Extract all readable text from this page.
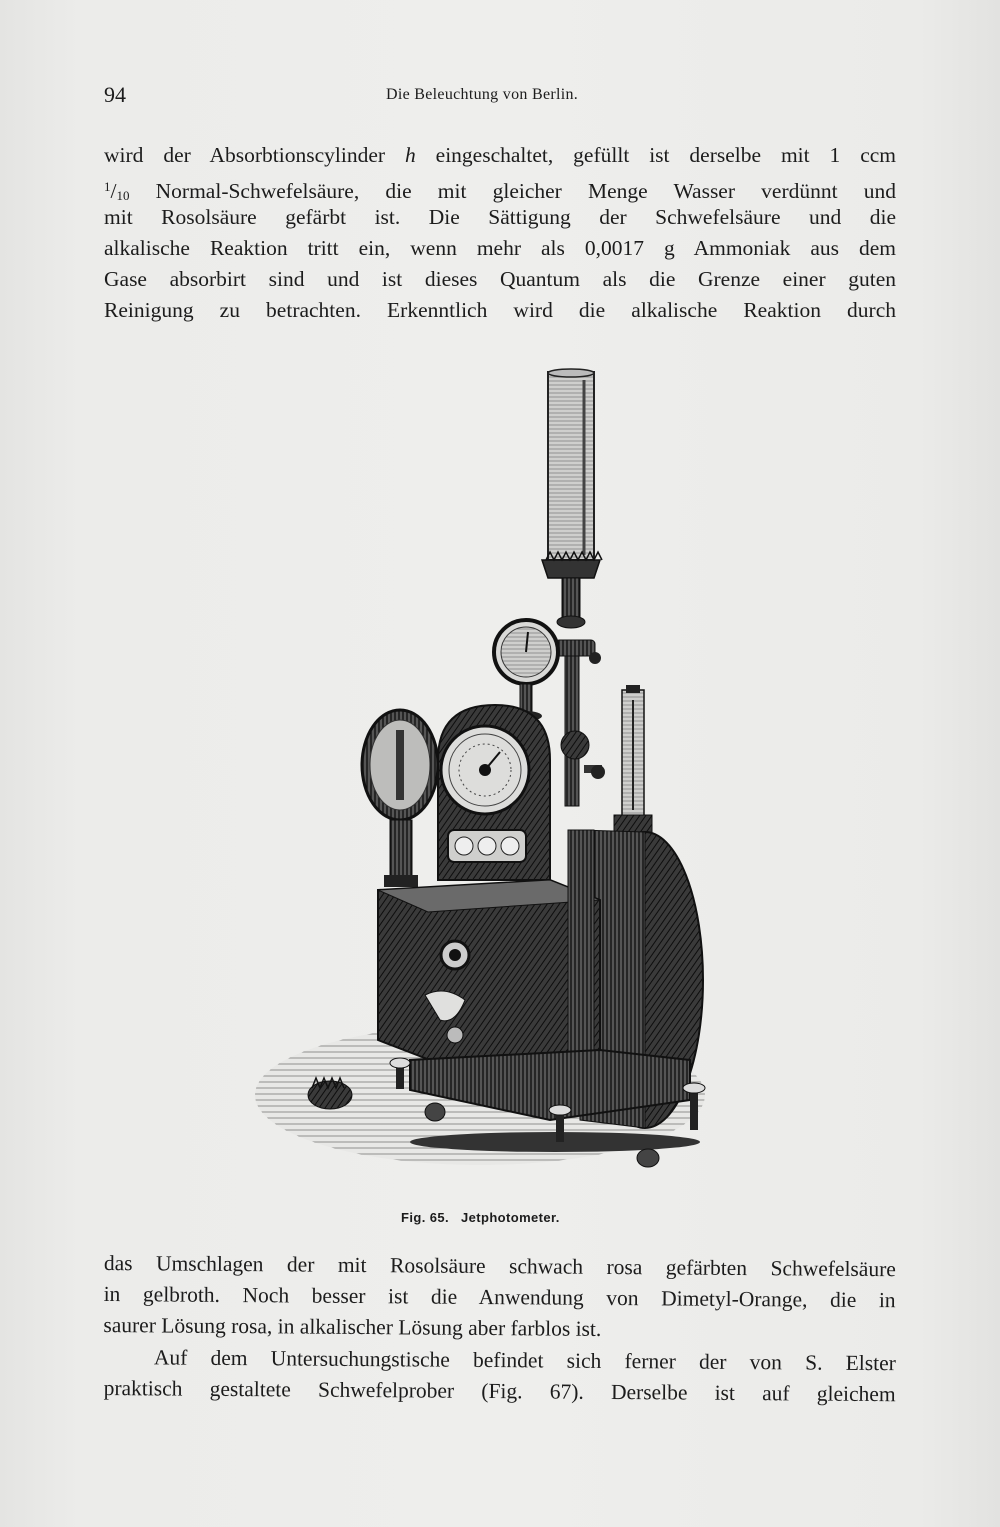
94	Die Beleuchtung von Berlin.
wird der Absorbtionscylinder h eingeschaltet, gefüllt ist derselbe mit 1 ccm
$^1/_{10}$ Normal-Schwefelsäure, die mit gleicher Menge Wasser verdünnt und
mit Rosolsäure gefärbt ist. Die Sättigung der Schwefelsäure und die
alkalische Reaktion tritt ein, wenn mehr als 0,0017 g Ammoniak aus dem
Gase absorbirt sind und ist dieses Quantum als die Grenze einer guten
Reinigung zu betrachten. Erkenntlich wird die alkalische Reaktion durch
Fig. 65. Jetphotometer.
das Umschlagen der mit Rosolsäure schwach rosa gefärbten Schwefelsäure
in gelbroth. Noch besser ist die Anwendung von Dimetyl-Orange, die in
saurer Lösung rosa, in alkalischer Lösung aber farblos ist.
Auf dem Untersuchungstische befindet sich ferner der von S. Elster
praktisch gestaltete Schwefelprober (Fig. 67). Derselbe ist auf gleichem
